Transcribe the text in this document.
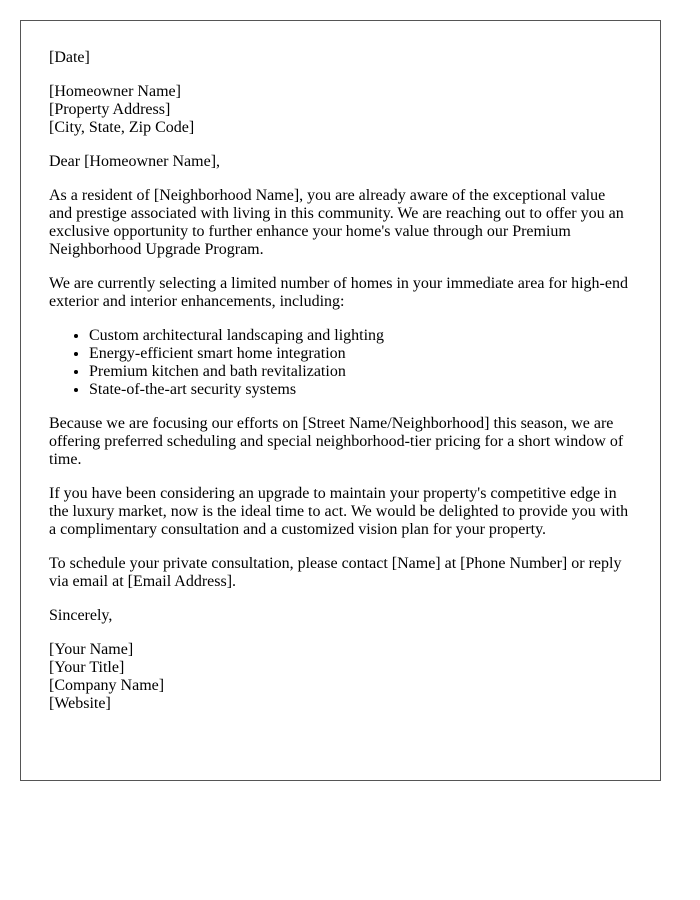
[Date]

[Homeowner Name]
[Property Address]
[City, State, Zip Code]

Dear [Homeowner Name],

As a resident of [Neighborhood Name], you are already aware of the exceptional value and prestige associated with living in this community. We are reaching out to offer you an exclusive opportunity to further enhance your home's value through our Premium Neighborhood Upgrade Program.

We are currently selecting a limited number of homes in your immediate area for high-end exterior and interior enhancements, including:

• Custom architectural landscaping and lighting
• Energy-efficient smart home integration
• Premium kitchen and bath revitalization
• State-of-the-art security systems

Because we are focusing our efforts on [Street Name/Neighborhood] this season, we are offering preferred scheduling and special neighborhood-tier pricing for a short window of time.

If you have been considering an upgrade to maintain your property's competitive edge in the luxury market, now is the ideal time to act. We would be delighted to provide you with a complimentary consultation and a customized vision plan for your property.

To schedule your private consultation, please contact [Name] at [Phone Number] or reply via email at [Email Address].

Sincerely,

[Your Name]
[Your Title]
[Company Name]
[Website]
